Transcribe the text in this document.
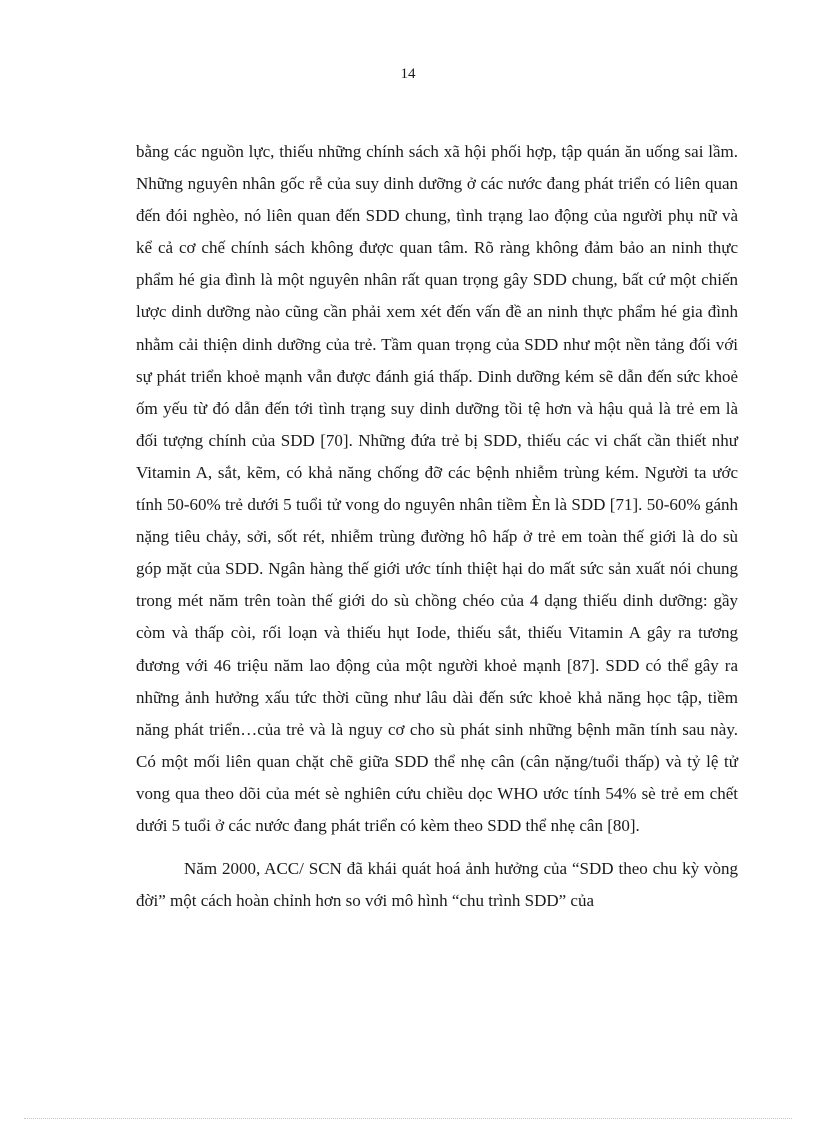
14

bằng các nguồn lực, thiếu những chính sách xã hội phối hợp, tập quán ăn uống sai lầm. Những nguyên nhân gốc rễ của suy dinh dưỡng ở các nước đang phát triển có liên quan đến đói nghèo, nó liên quan đến SDD chung, tình trạng lao động của người phụ nữ và kể cả cơ chế chính sách không được quan tâm. Rõ ràng không đảm bảo an ninh thực phẩm hé gia đình là một nguyên nhân rất quan trọng gây SDD chung, bất cứ một chiến lược dinh dưỡng nào cũng cần phải xem xét đến vấn đề an ninh thực phẩm hé gia đình nhằm cải thiện dinh dưỡng của trẻ. Tầm quan trọng của SDD như một nền tảng đối với sự phát triển khoẻ mạnh vẫn được đánh giá thấp. Dinh dưỡng kém sẽ dẫn đến sức khoẻ ốm yếu từ đó dẫn đến tới tình trạng suy dinh dưỡng tồi tệ hơn và hậu quả là trẻ em là đối tượng chính của SDD [70]. Những đứa trẻ bị SDD, thiếu các vi chất cần thiết như Vitamin A, sắt, kẽm, có khả năng chống đỡ các bệnh nhiễm trùng kém. Người ta ước tính 50-60% trẻ dưới 5 tuổi tử vong do nguyên nhân tiềm Èn là SDD [71]. 50-60% gánh nặng tiêu chảy, sởi, sốt rét, nhiễm trùng đường hô hấp ở trẻ em toàn thế giới là do sù góp mặt của SDD. Ngân hàng thế giới ước tính thiệt hại do mất sức sản xuất nói chung trong mét năm trên toàn thế giới do sù chồng chéo của 4 dạng thiếu dinh dưỡng: gầy còm và thấp còi, rối loạn và thiếu hụt Iode, thiếu sắt, thiếu Vitamin A gây ra tương đương với 46 triệu năm lao động của một người khoẻ mạnh [87]. SDD có thể gây ra những ảnh hưởng xấu tức thời cũng như lâu dài đến sức khoẻ khả năng học tập, tiềm năng phát triển…của trẻ và là nguy cơ cho sù phát sinh những bệnh mãn tính sau này. Có một mối liên quan chặt chẽ giữa SDD thể nhẹ cân (cân nặng/tuổi thấp) và tỷ lệ tử vong qua theo dõi của mét sè nghiên cứu chiều dọc WHO ước tính 54% sè trẻ em chết dưới 5 tuổi ở các nước đang phát triển có kèm theo SDD thể nhẹ cân [80].

Năm 2000, ACC/ SCN đã khái quát hoá ảnh hưởng của “SDD theo chu kỳ vòng đời” một cách hoàn chỉnh hơn so với mô hình “chu trình SDD” của
